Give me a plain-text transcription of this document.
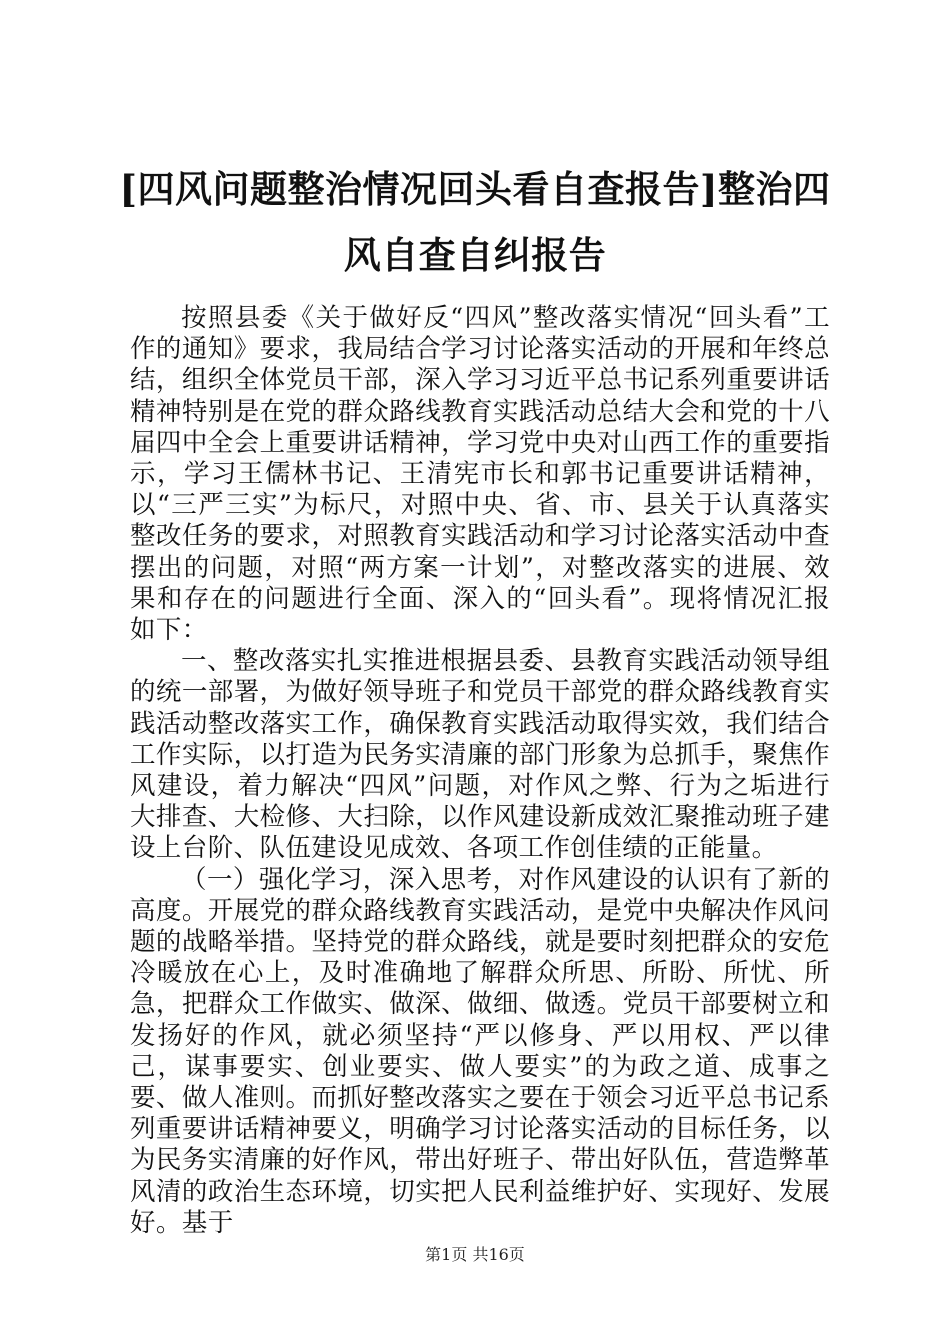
[四风问题整治情况回头看自查报告]整治四风自查自纠报告

按照县委《关于做好反“四风”整改落实情况“回头看”工作的通知》要求，我局结合学习讨论落实活动的开展和年终总结，组织全体党员干部，深入学习习近平总书记系列重要讲话精神特别是在党的群众路线教育实践活动总结大会和党的十八届四中全会上重要讲话精神，学习党中央对山西工作的重要指示，学习王儒林书记、王清宪市长和郭书记重要讲话精神，以“三严三实”为标尺，对照中央、省、市、县关于认真落实整改任务的要求，对照教育实践活动和学习讨论落实活动中查摆出的问题，对照“两方案一计划”，对整改落实的进展、效果和存在的问题进行全面、深入的“回头看”。现将情况汇报如下：

一、整改落实扎实推进根据县委、县教育实践活动领导组的统一部署，为做好领导班子和党员干部党的群众路线教育实践活动整改落实工作，确保教育实践活动取得实效，我们结合工作实际，以打造为民务实清廉的部门形象为总抓手，聚焦作风建设，着力解决“四风”问题，对作风之弊、行为之垢进行大排查、大检修、大扫除，以作风建设新成效汇聚推动班子建设上台阶、队伍建设见成效、各项工作创佳绩的正能量。

（一）强化学习，深入思考，对作风建设的认识有了新的高度。开展党的群众路线教育实践活动，是党中央解决作风问题的战略举措。坚持党的群众路线，就是要时刻把群众的安危冷暖放在心上，及时准确地了解群众所思、所盼、所忧、所急，把群众工作做实、做深、做细、做透。党员干部要树立和发扬好的作风，就必须坚持“严以修身、严以用权、严以律己，谋事要实、创业要实、做人要实”的为政之道、成事之要、做人准则。而抓好整改落实之要在于领会习近平总书记系列重要讲话精神要义，明确学习讨论落实活动的目标任务，以为民务实清廉的好作风，带出好班子、带出好队伍，营造弊革风清的政治生态环境，切实把人民利益维护好、实现好、发展好。基于

第1页 共16页
